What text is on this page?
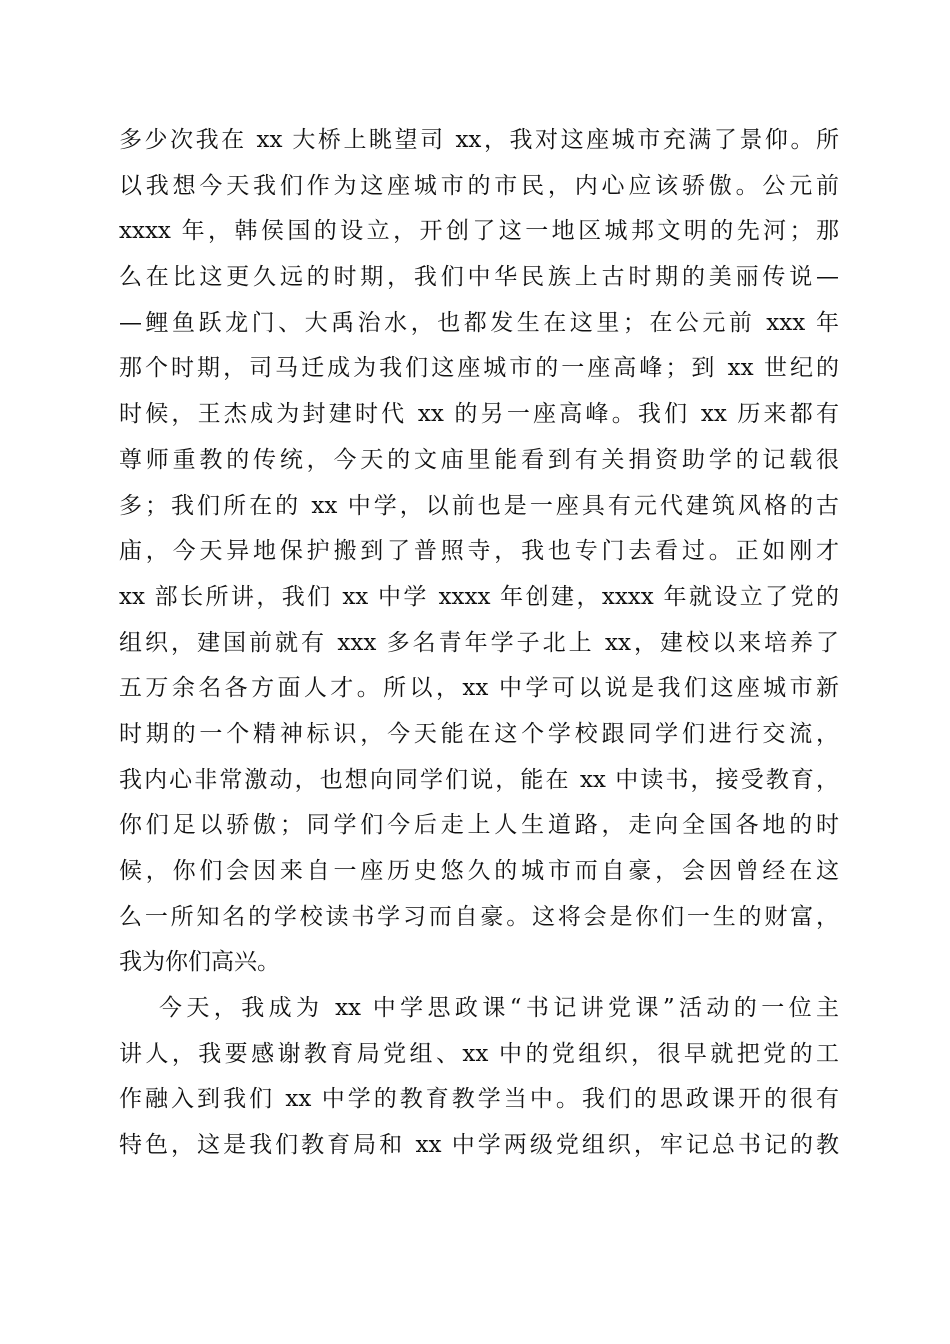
多少次我在 xx 大桥上眺望司 xx，我对这座城市充满了景仰。所
以我想今天我们作为这座城市的市民，内心应该骄傲。公元前
xxxx 年，韩侯国的设立，开创了这一地区城邦文明的先河；那
么在比这更久远的时期，我们中华民族上古时期的美丽传说—
—鲤鱼跃龙门、大禹治水，也都发生在这里；在公元前 xxx 年
那个时期，司马迁成为我们这座城市的一座高峰；到 xx 世纪的
时候，王杰成为封建时代 xx 的另一座高峰。我们 xx 历来都有
尊师重教的传统，今天的文庙里能看到有关捐资助学的记载很
多；我们所在的 xx 中学，以前也是一座具有元代建筑风格的古
庙，今天异地保护搬到了普照寺，我也专门去看过。正如刚才
xx 部长所讲，我们 xx 中学 xxxx 年创建，xxxx 年就设立了党的
组织，建国前就有 xxx 多名青年学子北上 xx，建校以来培养了
五万余名各方面人才。所以，xx 中学可以说是我们这座城市新
时期的一个精神标识，今天能在这个学校跟同学们进行交流，
我内心非常激动，也想向同学们说，能在 xx 中读书，接受教育，
你们足以骄傲；同学们今后走上人生道路，走向全国各地的时
候，你们会因来自一座历史悠久的城市而自豪，会因曾经在这
么一所知名的学校读书学习而自豪。这将会是你们一生的财富，
我为你们高兴。
今天，我成为 xx 中学思政课“书记讲党课”活动的一位主
讲人，我要感谢教育局党组、xx 中的党组织，很早就把党的工
作融入到我们 xx 中学的教育教学当中。我们的思政课开的很有
特色，这是我们教育局和 xx 中学两级党组织，牢记总书记的教
